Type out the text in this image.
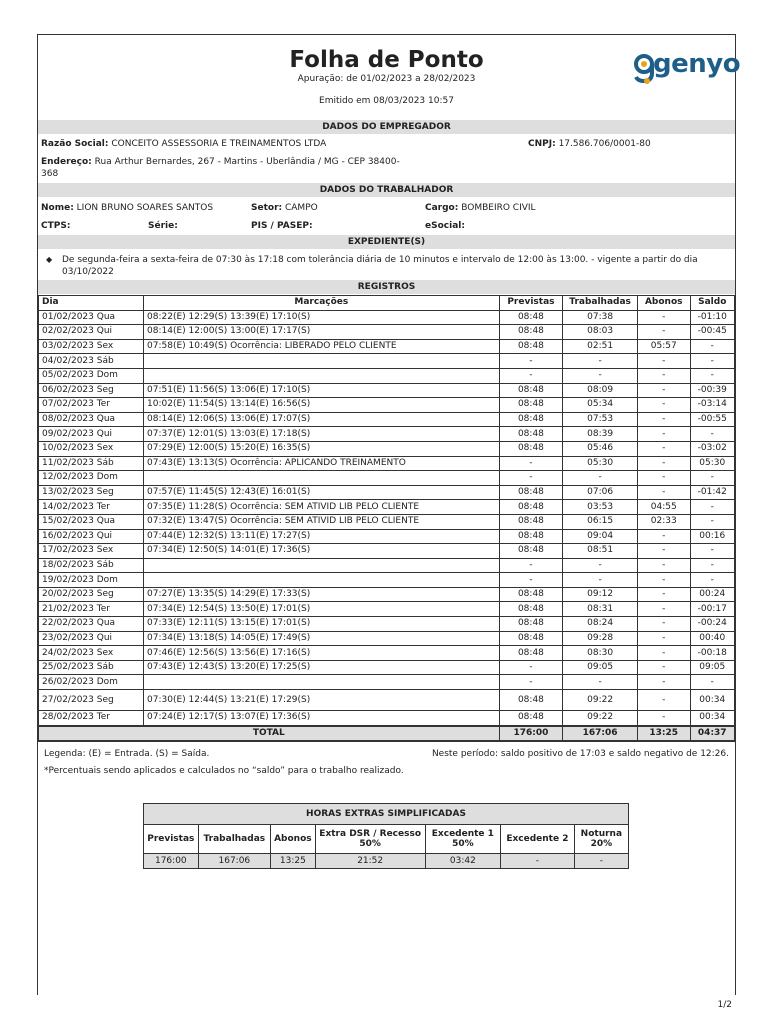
Folha de Ponto
Apuração: de 01/02/2023 a 28/02/2023
Emitido em 08/03/2023 10:57
genyo
DADOS DO EMPREGADOR
Razão Social: CONCEITO ASSESSORIA E TREINAMENTOS LTDA	CNPJ: 17.586.706/0001-80
Endereço: Rua Arthur Bernardes, 267 - Martins - Uberlândia / MG - CEP 38400-368
DADOS DO TRABALHADOR
Nome: LION BRUNO SOARES SANTOS	Setor: CAMPO	Cargo: BOMBEIRO CIVIL
CTPS:	Série:	PIS / PASEP:	eSocial:
EXPEDIENTE(S)
◆	De segunda-feira a sexta-feira de 07:30 às 17:18 com tolerância diária de 10 minutos e intervalo de 12:00 às 13:00. - vigente a partir do dia 03/10/2022
REGISTROS
Dia	Marcações	Previstas	Trabalhadas	Abonos	Saldo
01/02/2023 Qua	08:22(E) 12:29(S) 13:39(E) 17:10(S)	08:48	07:38	-	-01:10
02/02/2023 Qui	08:14(E) 12:00(S) 13:00(E) 17:17(S)	08:48	08:03	-	-00:45
03/02/2023 Sex	07:58(E) 10:49(S) Ocorrência: LIBERADO PELO CLIENTE	08:48	02:51	05:57	-
04/02/2023 Sáb		-	-	-	-
05/02/2023 Dom		-	-	-	-
06/02/2023 Seg	07:51(E) 11:56(S) 13:06(E) 17:10(S)	08:48	08:09	-	-00:39
07/02/2023 Ter	10:02(E) 11:54(S) 13:14(E) 16:56(S)	08:48	05:34	-	-03:14
08/02/2023 Qua	08:14(E) 12:06(S) 13:06(E) 17:07(S)	08:48	07:53	-	-00:55
09/02/2023 Qui	07:37(E) 12:01(S) 13:03(E) 17:18(S)	08:48	08:39	-	-
10/02/2023 Sex	07:29(E) 12:00(S) 15:20(E) 16:35(S)	08:48	05:46	-	-03:02
11/02/2023 Sáb	07:43(E) 13:13(S) Ocorrência: APLICANDO TREINAMENTO	-	05:30	-	05:30
12/02/2023 Dom		-	-	-	-
13/02/2023 Seg	07:57(E) 11:45(S) 12:43(E) 16:01(S)	08:48	07:06	-	-01:42
14/02/2023 Ter	07:35(E) 11:28(S) Ocorrência: SEM ATIVID LIB PELO CLIENTE	08:48	03:53	04:55	-
15/02/2023 Qua	07:32(E) 13:47(S) Ocorrência: SEM ATIVID LIB PELO CLIENTE	08:48	06:15	02:33	-
16/02/2023 Qui	07:44(E) 12:32(S) 13:11(E) 17:27(S)	08:48	09:04	-	00:16
17/02/2023 Sex	07:34(E) 12:50(S) 14:01(E) 17:36(S)	08:48	08:51	-	-
18/02/2023 Sáb		-	-	-	-
19/02/2023 Dom		-	-	-	-
20/02/2023 Seg	07:27(E) 13:35(S) 14:29(E) 17:33(S)	08:48	09:12	-	00:24
21/02/2023 Ter	07:34(E) 12:54(S) 13:50(E) 17:01(S)	08:48	08:31	-	-00:17
22/02/2023 Qua	07:33(E) 12:11(S) 13:15(E) 17:01(S)	08:48	08:24	-	-00:24
23/02/2023 Qui	07:34(E) 13:18(S) 14:05(E) 17:49(S)	08:48	09:28	-	00:40
24/02/2023 Sex	07:46(E) 12:56(S) 13:56(E) 17:16(S)	08:48	08:30	-	-00:18
25/02/2023 Sáb	07:43(E) 12:43(S) 13:20(E) 17:25(S)	-	09:05	-	09:05
26/02/2023 Dom		-	-	-	-
27/02/2023 Seg	07:30(E) 12:44(S) 13:21(E) 17:29(S)	08:48	09:22	-	00:34
28/02/2023 Ter	07:24(E) 12:17(S) 13:07(E) 17:36(S)	08:48	09:22	-	00:34
TOTAL		176:00	167:06	13:25	04:37
Legenda: (E) = Entrada. (S) = Saída.	Neste período: saldo positivo de 17:03 e saldo negativo de 12:26.
*Percentuais sendo aplicados e calculados no “saldo” para o trabalho realizado.
HORAS EXTRAS SIMPLIFICADAS						
Previstas	Trabalhadas	Abonos	Extra DSR / Recesso 50%	Excedente 1 50%	Excedente 2	Noturna 20%
176:00	167:06	13:25	21:52	03:42	-	-
1/2
